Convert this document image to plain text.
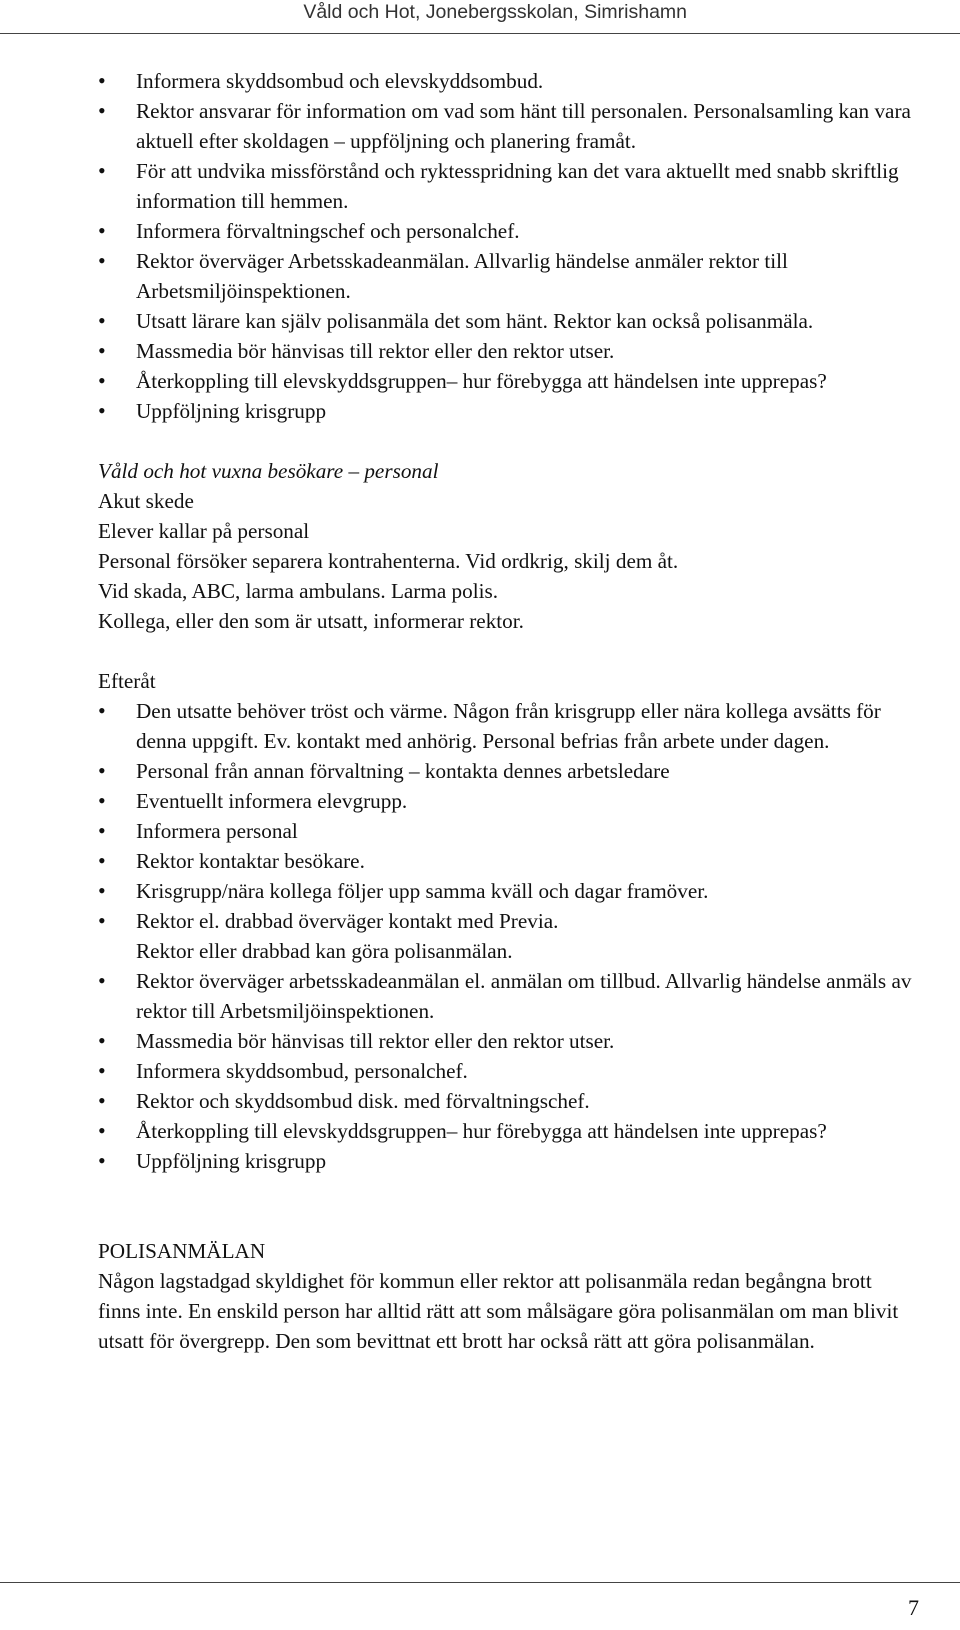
Våld och Hot, Jonebergsskolan, Simrishamn
• Informera skyddsombud och elevskyddsombud.
• Rektor ansvarar för information om vad som hänt till personalen. Personalsamling kan vara aktuell efter skoldagen – uppföljning och planering framåt.
• För att undvika missförstånd och ryktesspridning kan det vara aktuellt med snabb skriftlig information till hemmen.
• Informera förvaltningschef och personalchef.
• Rektor överväger Arbetsskadeanmälan. Allvarlig händelse anmäler rektor till Arbetsmiljöinspektionen.
• Utsatt lärare kan själv polisanmäla det som hänt. Rektor kan också polisanmäla.
• Massmedia bör hänvisas till rektor eller den rektor utser.
• Återkoppling till elevskyddsgruppen– hur förebygga att händelsen inte upprepas?
• Uppföljning krisgrupp
Våld och hot vuxna besökare – personal
Akut skede
Elever kallar på personal
Personal försöker separera kontrahenterna. Vid ordkrig, skilj dem åt.
Vid skada, ABC, larma ambulans. Larma polis.
Kollega, eller den som är utsatt, informerar rektor.
Efteråt
• Den utsatte behöver tröst och värme. Någon från krisgrupp eller nära kollega avsätts för denna uppgift. Ev. kontakt med anhörig. Personal befrias från arbete under dagen.
• Personal från annan förvaltning – kontakta dennes arbetsledare
• Eventuellt informera elevgrupp.
• Informera personal
• Rektor kontaktar besökare.
• Krisgrupp/nära kollega följer upp samma kväll och dagar framöver.
• Rektor el. drabbad överväger kontakt med Previa.
Rektor eller drabbad kan göra polisanmälan.
• Rektor överväger arbetsskadeanmälan el. anmälan om tillbud. Allvarlig händelse anmäls av rektor till Arbetsmiljöinspektionen.
• Massmedia bör hänvisas till rektor eller den rektor utser.
• Informera skyddsombud, personalchef.
• Rektor och skyddsombud disk. med förvaltningschef.
• Återkoppling till elevskyddsgruppen– hur förebygga att händelsen inte upprepas?
• Uppföljning krisgrupp
POLISANMÄLAN
Någon lagstadgad skyldighet för kommun eller rektor att polisanmäla redan begångna brott finns inte. En enskild person har alltid rätt att som målsägare göra polisanmälan om man blivit utsatt för övergrepp. Den som bevittnat ett brott har också rätt att göra polisanmälan.
7
